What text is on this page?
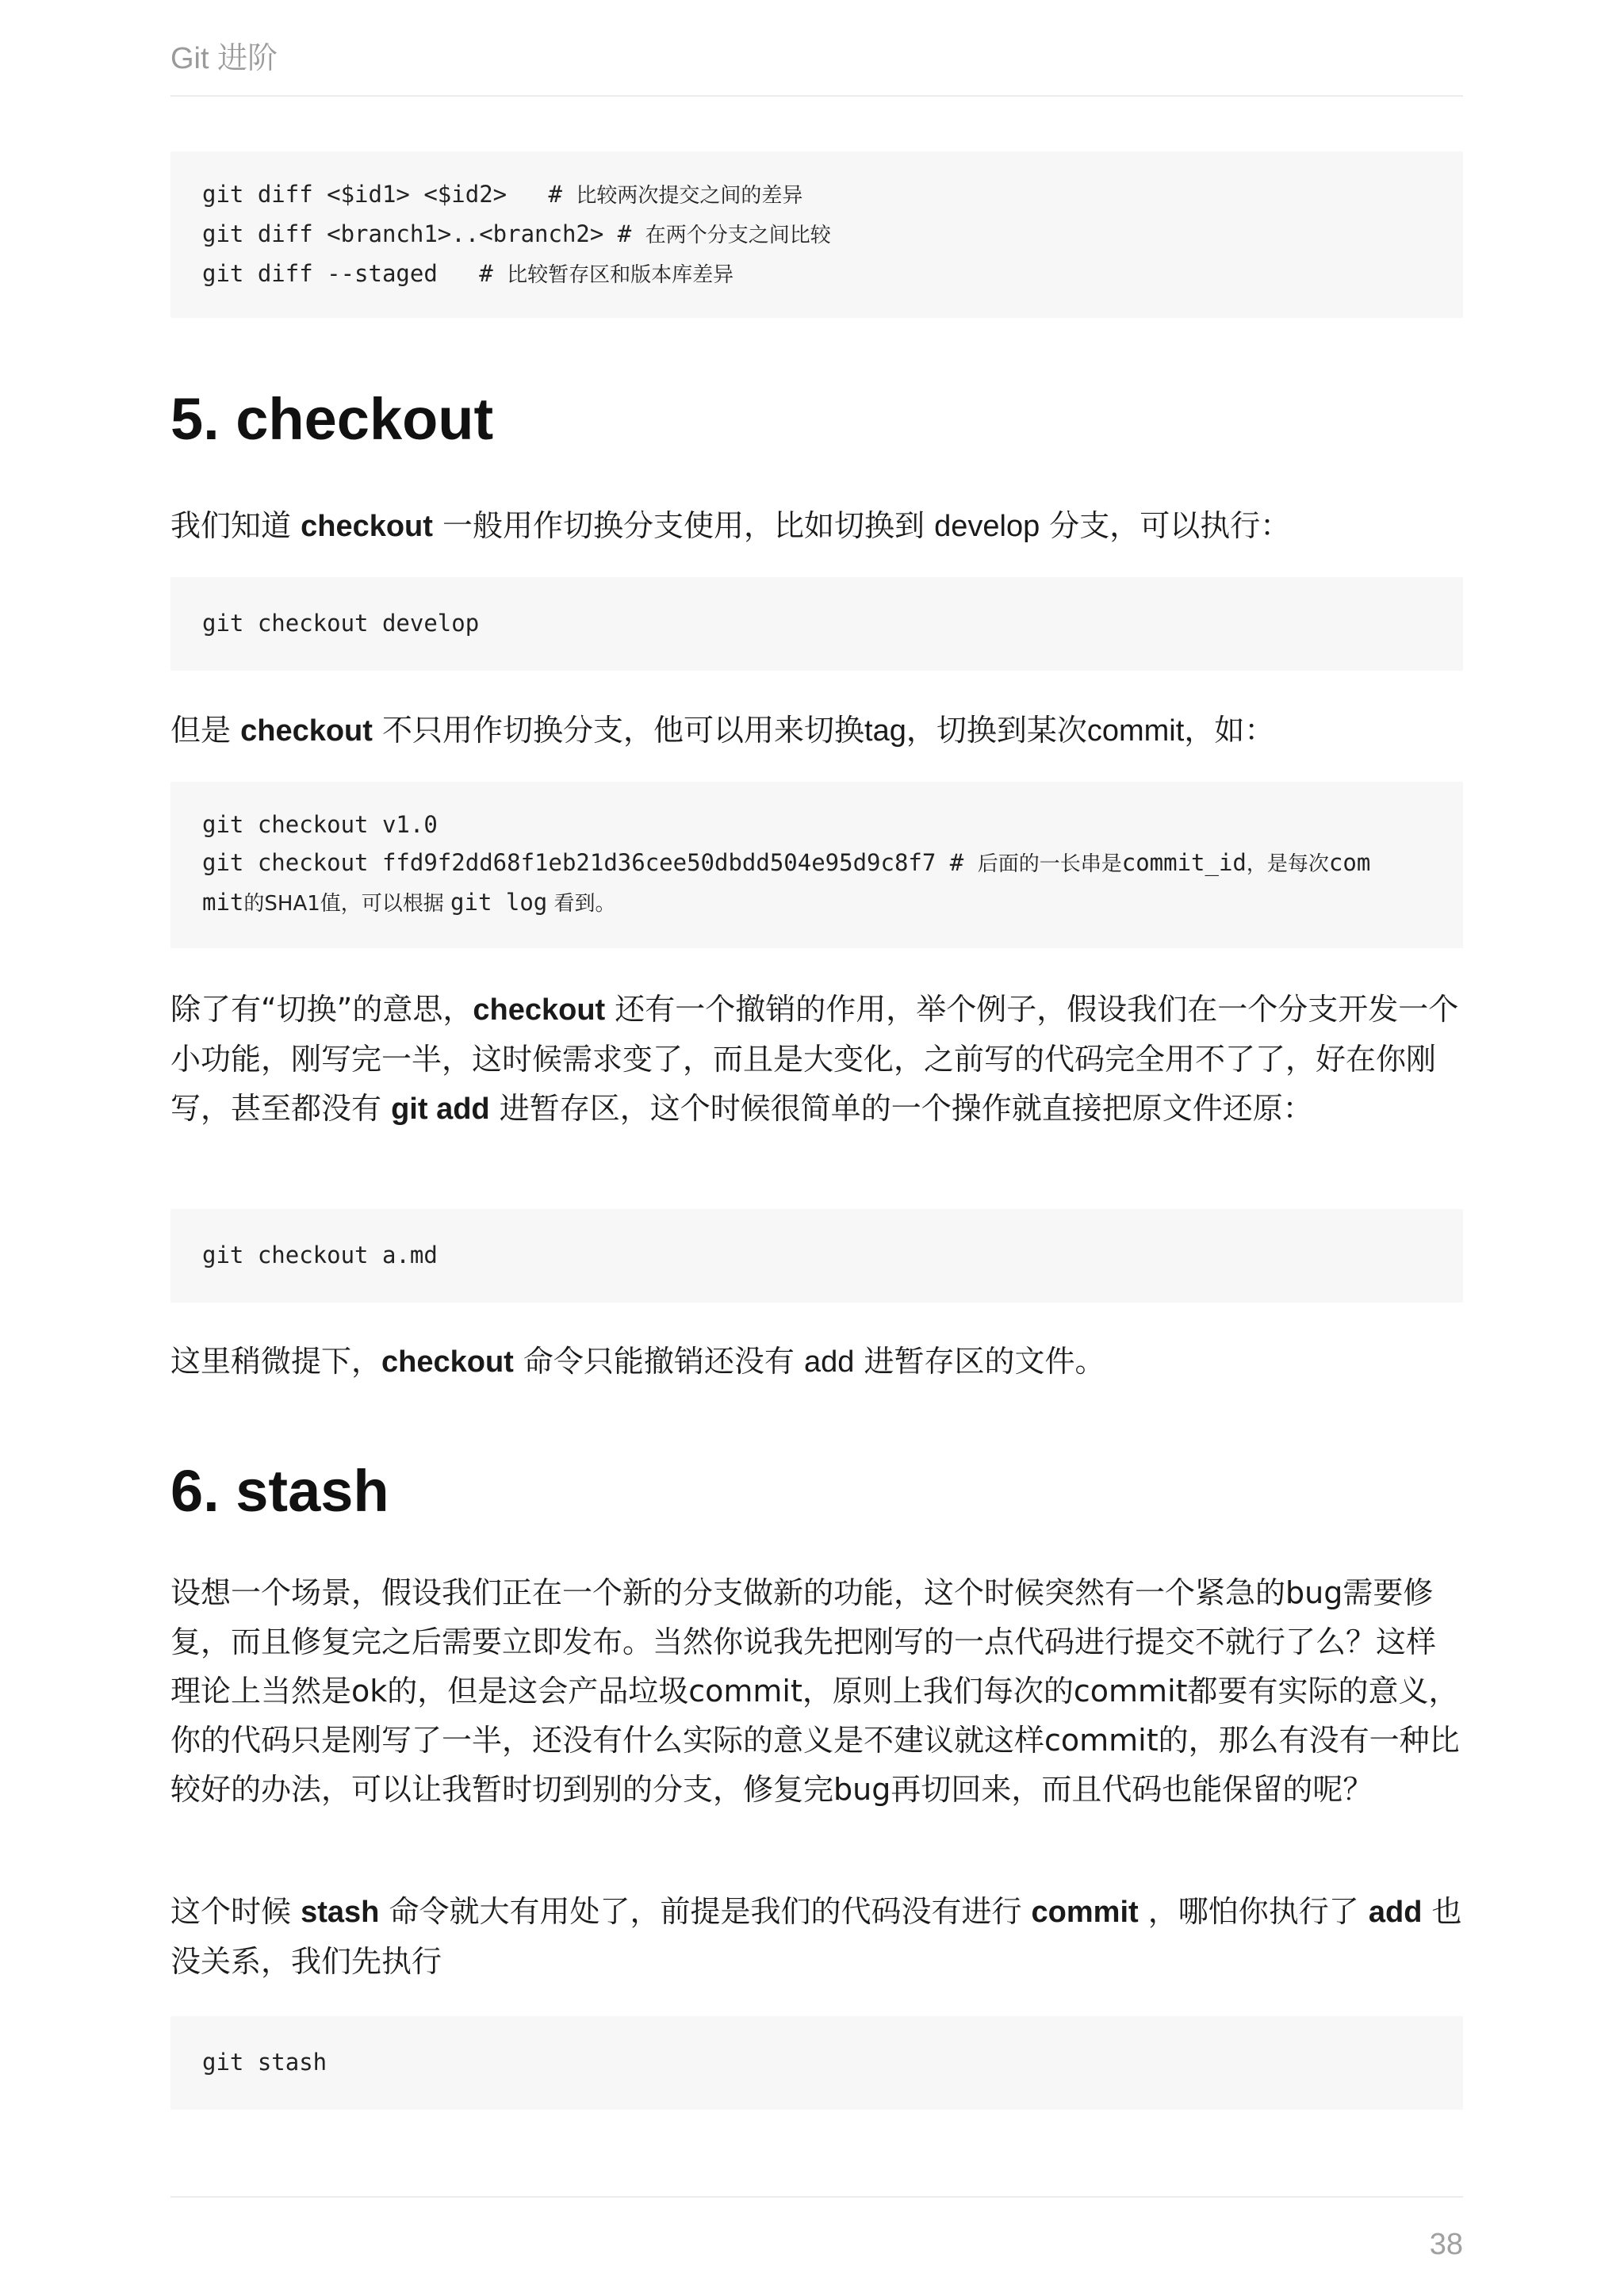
Git 进阶
git diff <$id1> <$id2>   # 比较两次提交之间的差异
git diff <branch1>..<branch2> # 在两个分支之间比较
git diff --staged   # 比较暂存区和版本库差异
5. checkout

我们知道 checkout 一般用作切换分支使用，比如切换到 develop 分支，可以执行：

git checkout develop

但是 checkout 不只用作切换分支，他可以用来切换tag，切换到某次commit，如：

git checkout v1.0
git checkout ffd9f2dd68f1eb21d36cee50dbdd504e95d9c8f7 # 后面的一长串是commit_id，是每次com
mit的SHA1值，可以根据 git log 看到。

除了有“切换”的意思，checkout 还有一个撤销的作用，举个例子，假设我们在一个分支开发一个小功能，刚写完一半，这时候需求变了，而且是大变化，之前写的代码完全用不了了，好在你刚写，甚至都没有 git add 进暂存区，这个时候很简单的一个操作就直接把原文件还原：

git checkout a.md

这里稍微提下，checkout 命令只能撤销还没有 add 进暂存区的文件。

6. stash

设想一个场景，假设我们正在一个新的分支做新的功能，这个时候突然有一个紧急的bug需要修复，而且修复完之后需要立即发布。当然你说我先把刚写的一点代码进行提交不就行了么？这样理论上当然是ok的，但是这会产品垃圾commit，原则上我们每次的commit都要有实际的意义，你的代码只是刚写了一半，还没有什么实际的意义是不建议就这样commit的，那么有没有一种比较好的办法，可以让我暂时切到别的分支，修复完bug再切回来，而且代码也能保留的呢？

这个时候 stash 命令就大有用处了，前提是我们的代码没有进行 commit ，哪怕你执行了 add 也没关系，我们先执行

git stash
38
